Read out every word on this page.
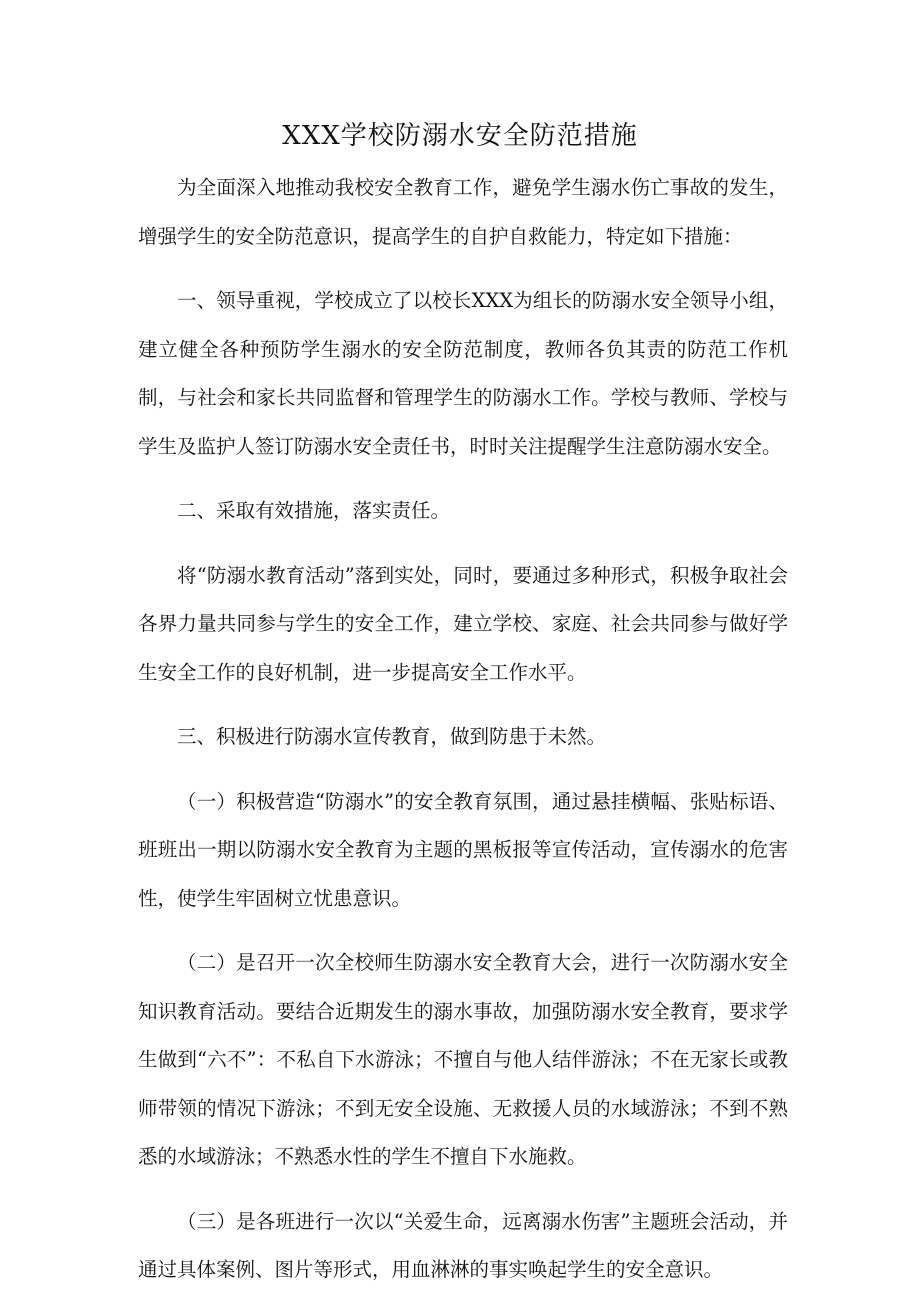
XXX学校防溺水安全防范措施

为全面深入地推动我校安全教育工作，避免学生溺水伤亡事故的发生，增强学生的安全防范意识，提高学生的自护自救能力，特定如下措施：

一、领导重视，学校成立了以校长XXX为组长的防溺水安全领导小组，建立健全各种预防学生溺水的安全防范制度，教师各负其责的防范工作机制，与社会和家长共同监督和管理学生的防溺水工作。学校与教师、学校与学生及监护人签订防溺水安全责任书，时时关注提醒学生注意防溺水安全。

二、采取有效措施，落实责任。

将“防溺水教育活动”落到实处，同时，要通过多种形式，积极争取社会各界力量共同参与学生的安全工作，建立学校、家庭、社会共同参与做好学生安全工作的良好机制，进一步提高安全工作水平。

三、积极进行防溺水宣传教育，做到防患于未然。

（一）积极营造“防溺水”的安全教育氛围，通过悬挂横幅、张贴标语、班班出一期以防溺水安全教育为主题的黑板报等宣传活动，宣传溺水的危害性，使学生牢固树立忧患意识。

（二）是召开一次全校师生防溺水安全教育大会，进行一次防溺水安全知识教育活动。要结合近期发生的溺水事故，加强防溺水安全教育，要求学生做到“六不”：不私自下水游泳；不擅自与他人结伴游泳；不在无家长或教师带领的情况下游泳；不到无安全设施、无救援人员的水域游泳；不到不熟悉的水域游泳；不熟悉水性的学生不擅自下水施救。

（三）是各班进行一次以“关爱生命，远离溺水伤害”主题班会活动，并通过具体案例、图片等形式，用血淋淋的事实唤起学生的安全意识。
